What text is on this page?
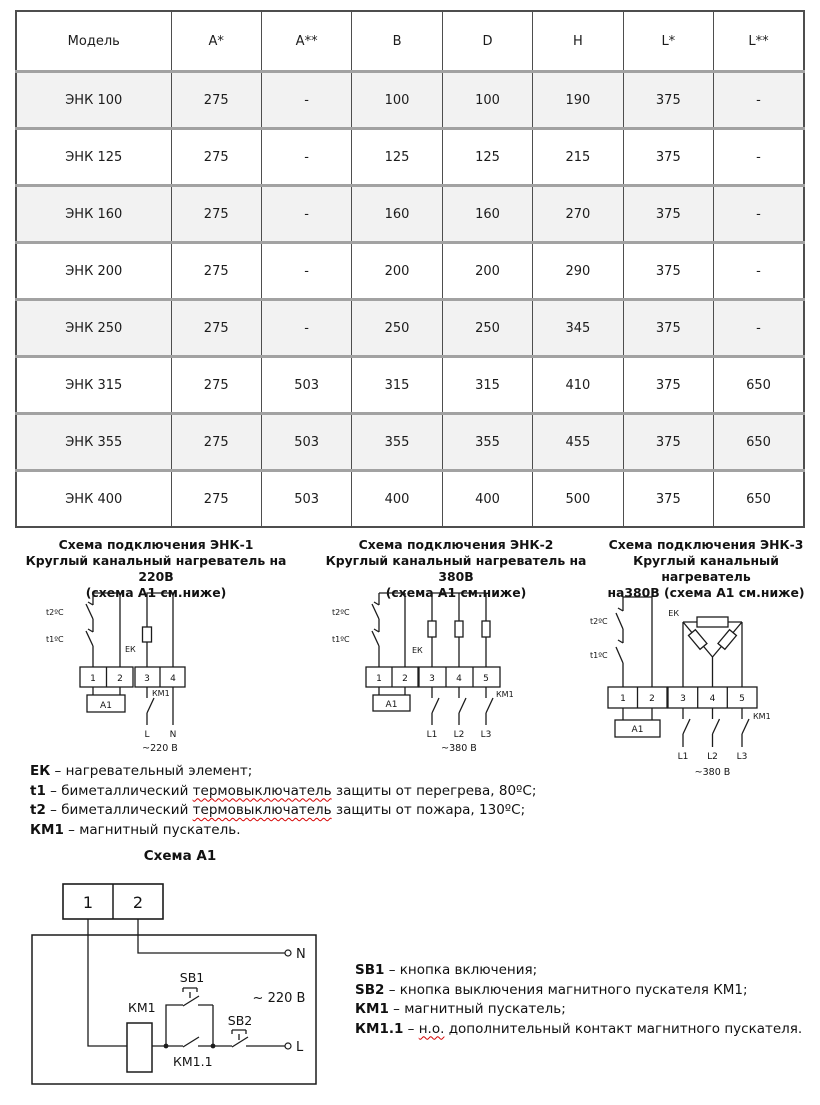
Модель	A*	A**	B	D	H	L*	L**
ЭНК 100	275	-	100	100	190	375	-
ЭНК 125	275	-	125	125	215	375	-
ЭНК 160	275	-	160	160	270	375	-
ЭНК 200	275	-	200	200	290	375	-
ЭНК 250	275	-	250	250	345	375	-
ЭНК 315	275	503	315	315	410	375	650
ЭНК 355	275	503	355	355	455	375	650
ЭНК 400	275	503	400	400	500	375	650
Схема подключения ЭНК-1
Круглый канальный нагреватель на 220В
(схема А1 см.ниже)
Схема подключения ЭНК-2
Круглый канальный нагреватель на 380В
(схема А1 см.ниже)
Схема подключения ЭНК-3
Круглый канальный нагреватель
на380В (схема А1 см.ниже)
t2ºC
t1ºC
ЕК
1 2 3 4
А1
КМ1
L N
~220 В
t2ºC
t1ºC
ЕК
1 2 3 4 5
А1
КМ1
L1 L2 L3
~380 В
t2ºC
t1ºC
ЕК
1	2	3	4	5
А1
КМ1
L1 L2 L3
~380 В
ЕК – нагревательный элемент;
t1 – биметаллический термовыключатель защиты от перегрева, 80ºС;
t2 – биметаллический термовыключатель защиты от пожара, 130ºС;
КМ1 – магнитный пускатель.
Схема А1
1 2
N
L
SB1
SB2
КМ1
КМ1.1
~ 220 В
SB1 – кнопка включения;
SB2 – кнопка выключения магнитного пускателя КМ1;
КМ1 – магнитный пускатель;
КМ1.1 – н.о. дополнительный контакт магнитного пускателя.
